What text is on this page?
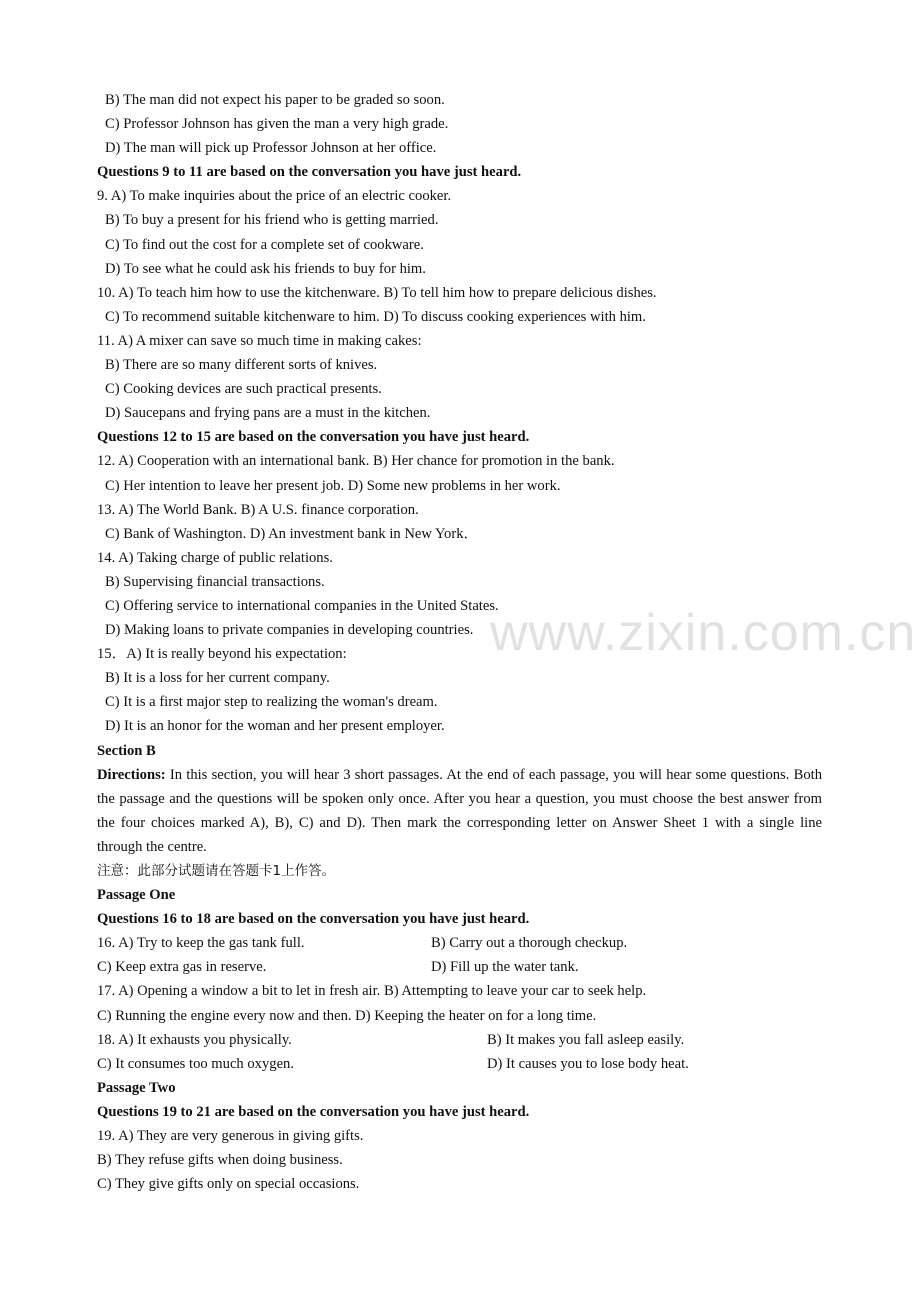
B) The man did not expect his paper to be graded so soon.
C) Professor Johnson has given the man a very high grade.
D) The man will pick up Professor Johnson at her office.
Questions 9 to 11 are based on the conversation you have just heard.
9. A) To make inquiries about the price of an electric cooker.
B) To buy a present for his friend who is getting married.
C) To find out the cost for a complete set of cookware.
D) To see what he could ask his friends to buy for him.
10. A) To teach him how to use the kitchenware. B) To tell him how to prepare delicious dishes.
C) To recommend suitable kitchenware to him. D) To discuss cooking experiences with him.
11. A) A mixer can save so much time in making cakes:
B) There are so many different sorts of knives.
C) Cooking devices are such practical presents.
D) Saucepans and frying pans are a must in the kitchen.
Questions 12 to 15 are based on the conversation you have just heard.
12. A) Cooperation with an international bank. B) Her chance for promotion in the bank.
C) Her intention to leave her present job. D) Some new problems in her work.
13. A) The World Bank. B) A U.S. finance corporation.
C) Bank of Washington. D) An investment bank in New York．
14. A) Taking charge of public relations.
B) Supervising financial transactions.
C) Offering service to international companies in the United States.
D) Making loans to private companies in developing countries.
15．A) It is really beyond his expectation:
B) It is a loss for her current company.
C) It is a first major step to realizing the woman's dream.
D) It is an honor for the woman and her present employer.
Section B

Directions: In this section, you will hear 3 short passages. At the end of each passage, you will hear some questions. Both the passage and the questions will be spoken only once. After you hear a question, you must choose the best answer from the four choices marked A), B), C) and D). Then mark the corresponding letter on Answer Sheet 1 with a single line through the centre.

注意：此部分试题请在答题卡1上作答。
Passage One
Questions 16 to 18 are based on the conversation you have just heard.
16. A) Try to keep the gas tank full.	B) Carry out a thorough checkup.
C) Keep extra gas in reserve.	D) Fill up the water tank.
17. A) Opening a window a bit to let in fresh air. B) Attempting to leave your car to seek help.
C) Running the engine every now and then. D) Keeping the heater on for a long time.
18. A) It exhausts you physically.	B) It makes you fall asleep easily.
C) It consumes too much oxygen.	D) It causes you to lose body heat.
Passage Two
Questions 19 to 21 are based on the conversation you have just heard.
19. A) They are very generous in giving gifts.
B) They refuse gifts when doing business.
C) They give gifts only on special occasions.
www.zixin.com.cn
